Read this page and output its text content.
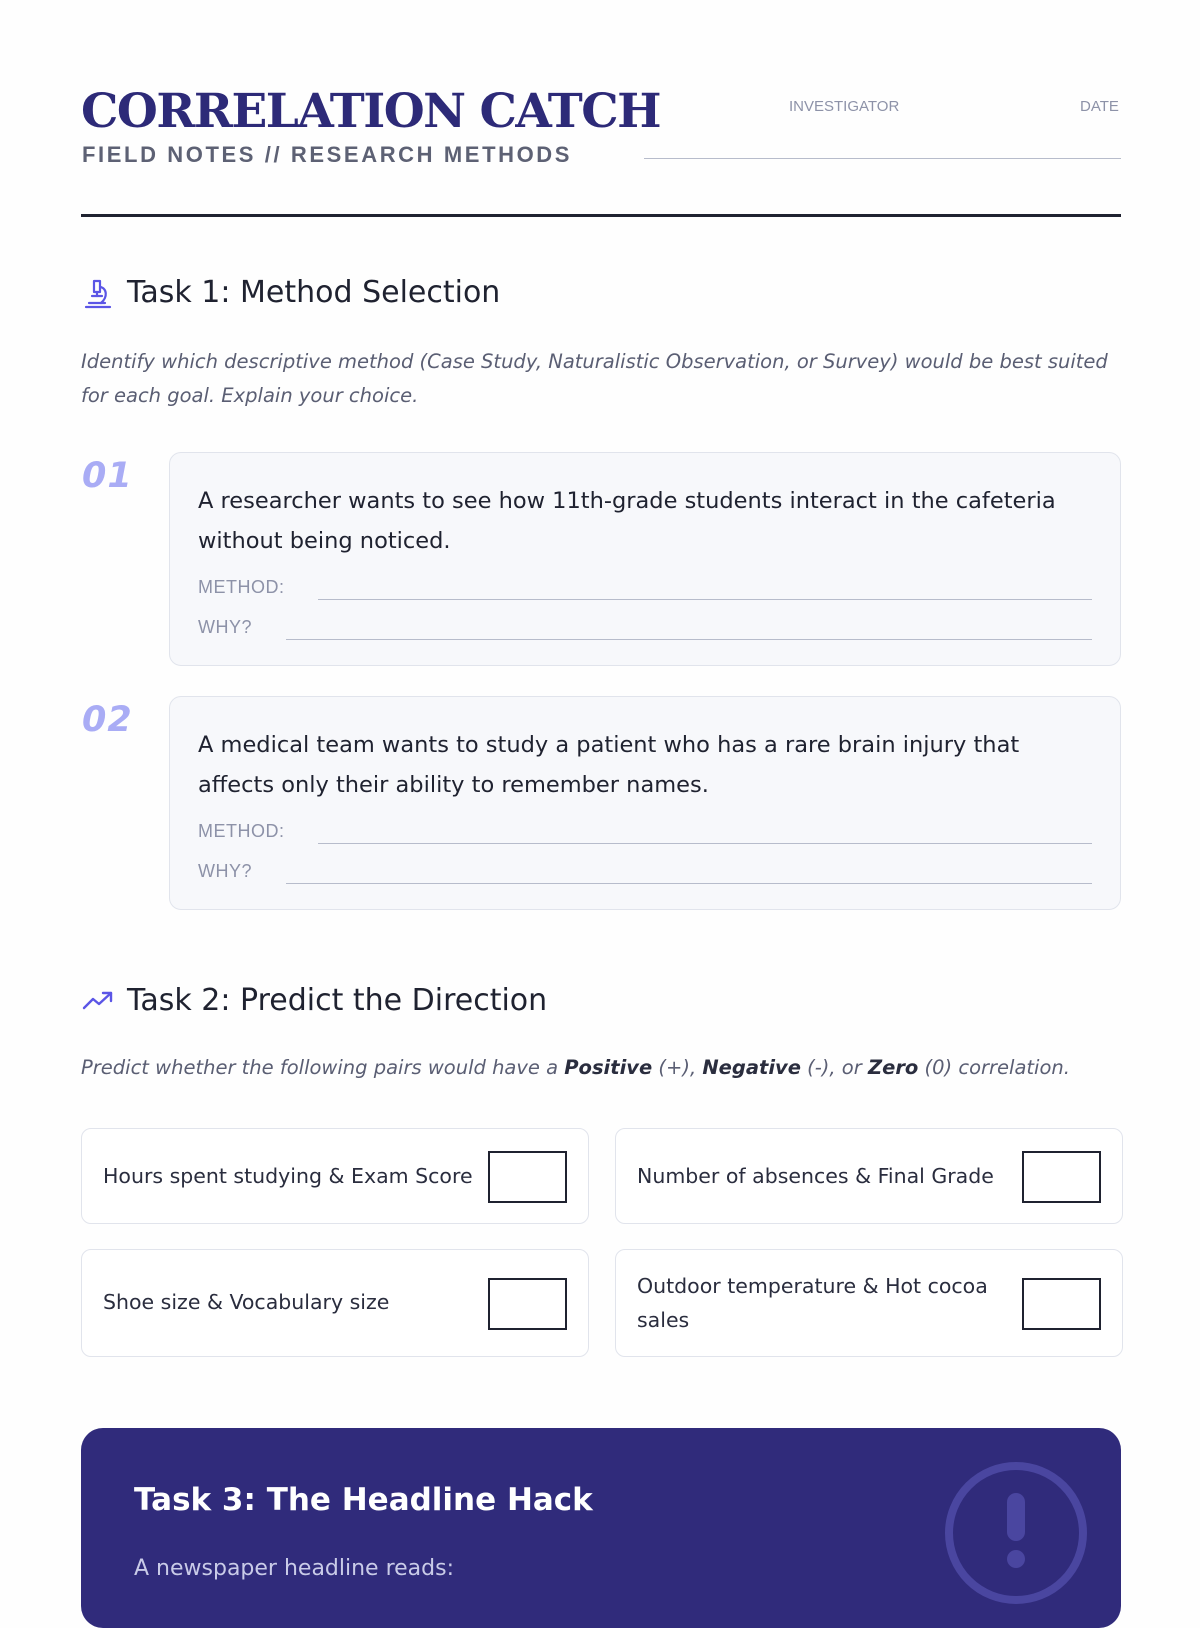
CORRELATION CATCH
FIELD NOTES // RESEARCH METHODS
INVESTIGATOR	DATE
Task 1: Method Selection
Identify which descriptive method (Case Study, Naturalistic Observation, or Survey) would be best suited for each goal. Explain your choice.
01
A researcher wants to see how 11th-grade students interact in the cafeteria without being noticed.
METHOD:
WHY?
02
A medical team wants to study a patient who has a rare brain injury that affects only their ability to remember names.
METHOD:
WHY?
Task 2: Predict the Direction
Predict whether the following pairs would have a Positive (+), Negative (-), or Zero (0) correlation.
Hours spent studying & Exam Score	Number of absences & Final Grade
Shoe size & Vocabulary size
Outdoor temperature & Hot cocoa sales
Task 3: The Headline Hack
A newspaper headline reads:
